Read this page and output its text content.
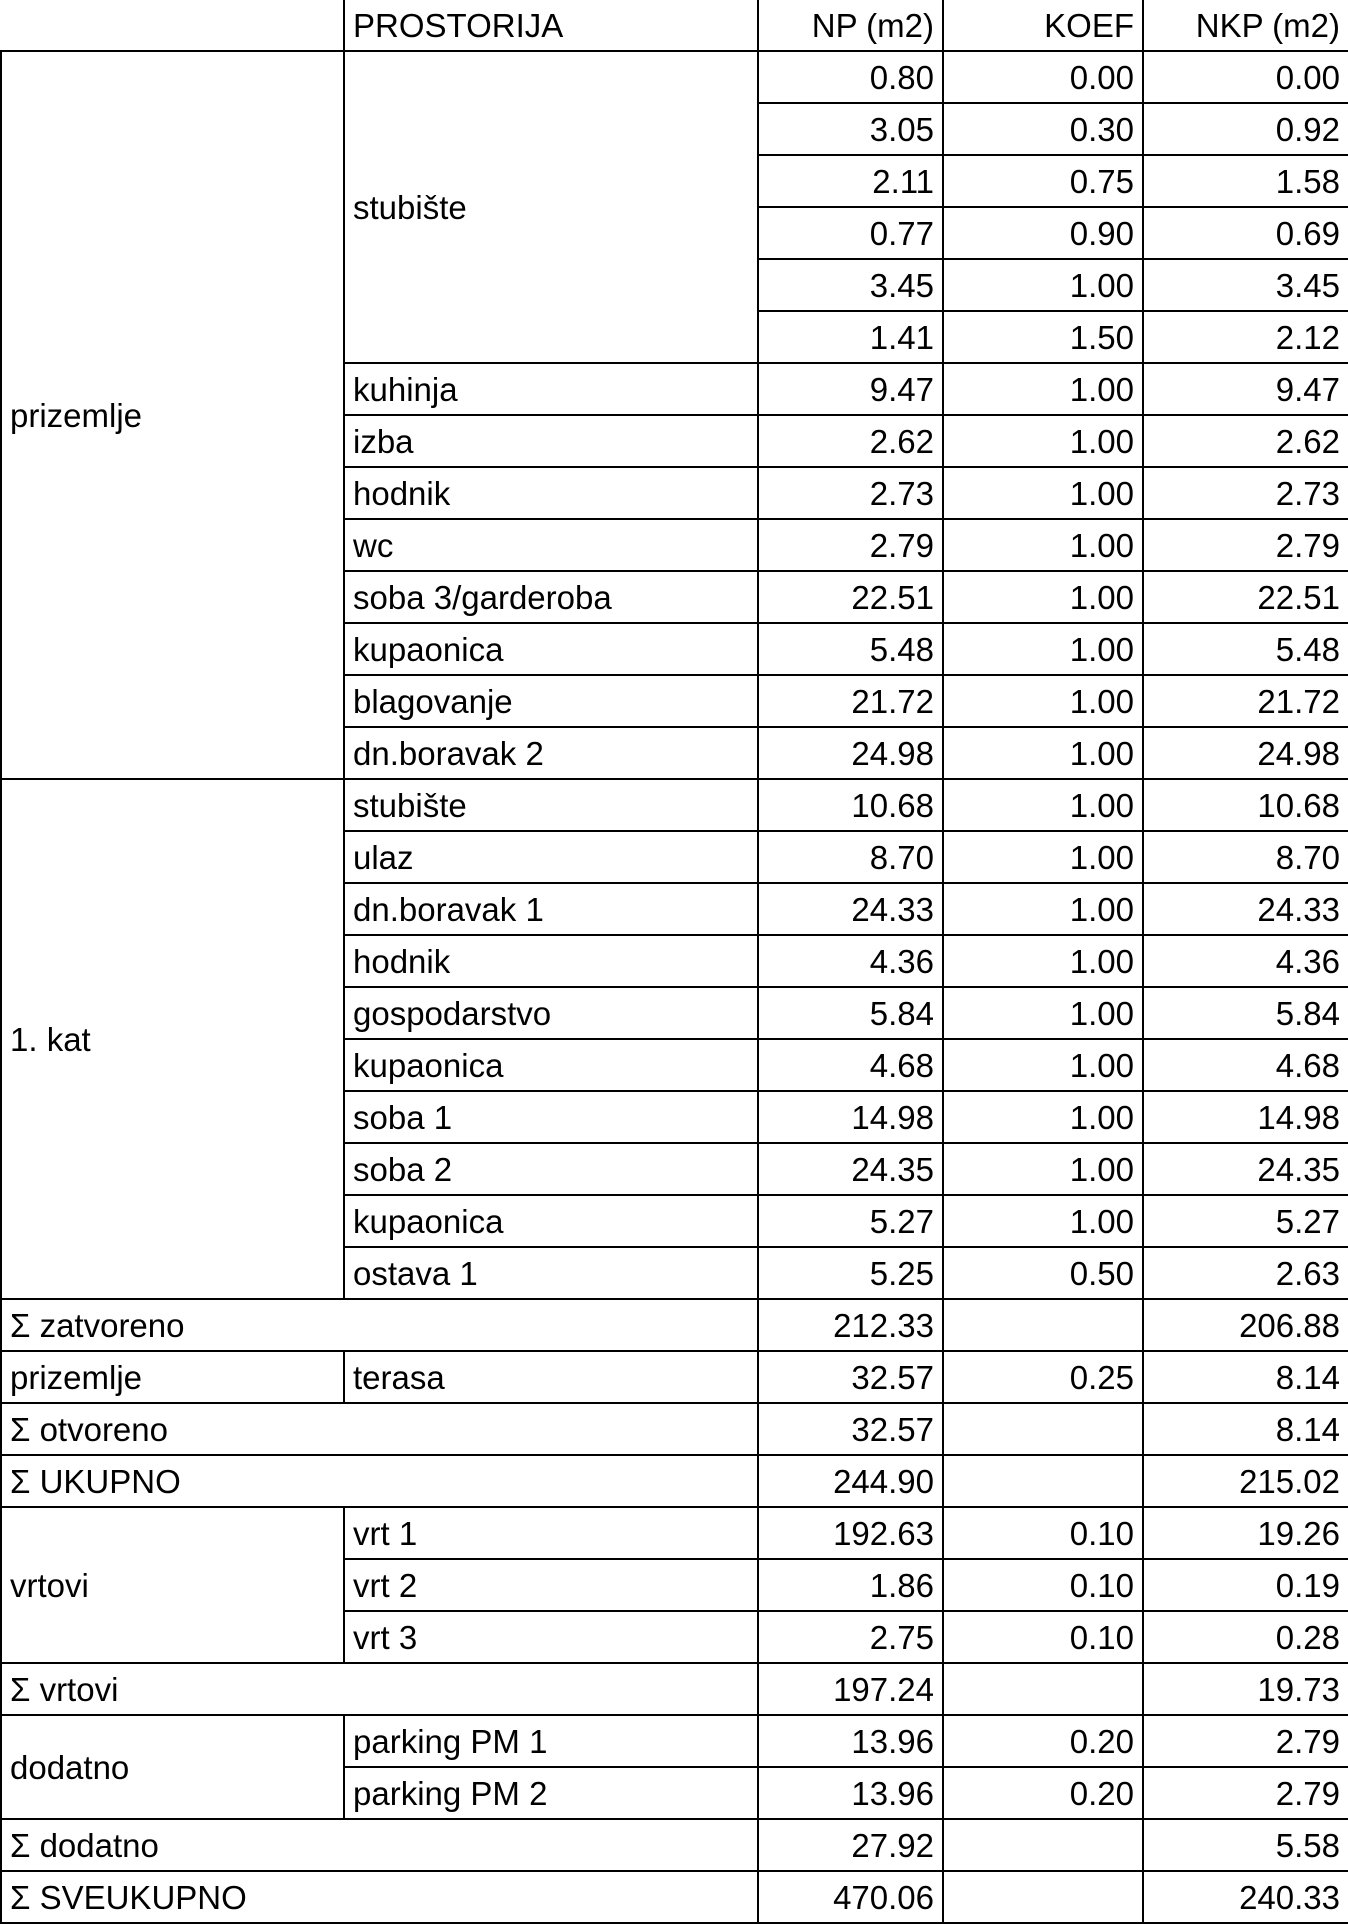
	PROSTORIJA	NP (m2)	KOEF	NKP (m2)
prizemlje	stubište	0.80	0.00	0.00
		3.05	0.30	0.92
		2.11	0.75	1.58
		0.77	0.90	0.69
		3.45	1.00	3.45
		1.41	1.50	2.12
	kuhinja	9.47	1.00	9.47
	izba	2.62	1.00	2.62
	hodnik	2.73	1.00	2.73
	wc	2.79	1.00	2.79
	soba 3/garderoba	22.51	1.00	22.51
	kupaonica	5.48	1.00	5.48
	blagovanje	21.72	1.00	21.72
	dn.boravak 2	24.98	1.00	24.98
1. kat	stubište	10.68	1.00	10.68
	ulaz	8.70	1.00	8.70
	dn.boravak 1	24.33	1.00	24.33
	hodnik	4.36	1.00	4.36
	gospodarstvo	5.84	1.00	5.84
	kupaonica	4.68	1.00	4.68
	soba 1	14.98	1.00	14.98
	soba 2	24.35	1.00	24.35
	kupaonica	5.27	1.00	5.27
	ostava 1	5.25	0.50	2.63
Σ zatvoreno		212.33		206.88
prizemlje	terasa	32.57	0.25	8.14
Σ otvoreno		32.57		8.14
Σ UKUPNO		244.90		215.02
vrtovi	vrt 1	192.63	0.10	19.26
	vrt 2	1.86	0.10	0.19
	vrt 3	2.75	0.10	0.28
Σ vrtovi		197.24		19.73
dodatno	parking PM 1	13.96	0.20	2.79
	parking PM 2	13.96	0.20	2.79
Σ dodatno		27.92		5.58
Σ SVEUKUPNO		470.06		240.33
